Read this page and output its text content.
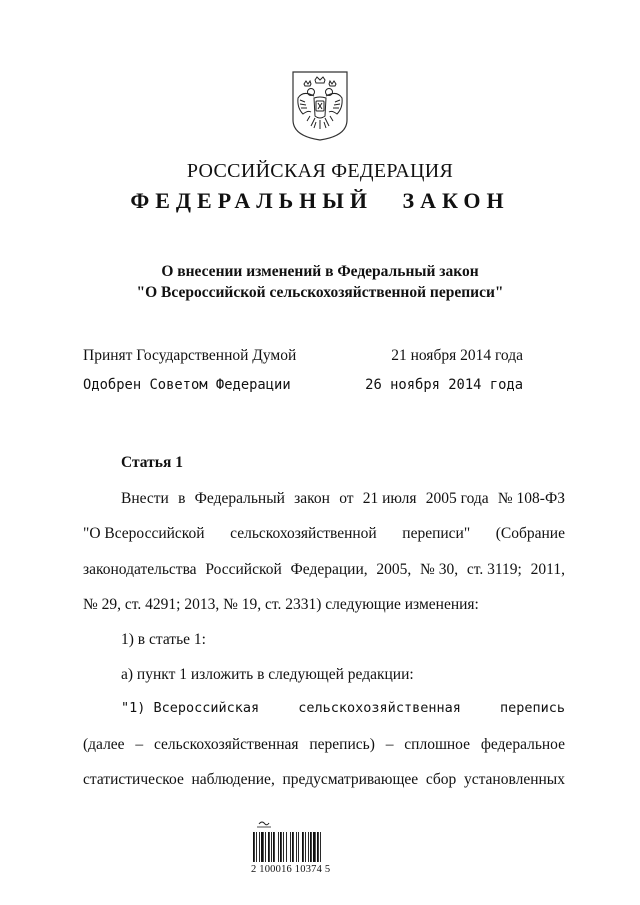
РОССИЙСКАЯ ФЕДЕРАЦИЯ
ФЕДЕРАЛЬНЫЙ ЗАКОН
О внесении изменений в Федеральный закон
"О Всероссийской сельскохозяйственной переписи"
Принят Государственной Думой	21 ноября 2014 года
Одобрен Советом Федерации	26 ноября 2014 года
Статья 1
Внести в Федеральный закон от 21 июля 2005 года № 108-ФЗ
"О Всероссийской сельскохозяйственной переписи" (Собрание
законодательства Российской Федерации, 2005, № 30, ст. 3119; 2011,
№ 29, ст. 4291; 2013, № 19, ст. 2331) следующие изменения:
1) в статье 1:
а) пункт 1 изложить в следующей редакции:
"1) Всероссийская	сельскохозяйственная	перепись
(далее – сельскохозяйственная перепись) – сплошное федеральное
статистическое наблюдение, предусматривающее сбор установленных
2 100016 10374 5
